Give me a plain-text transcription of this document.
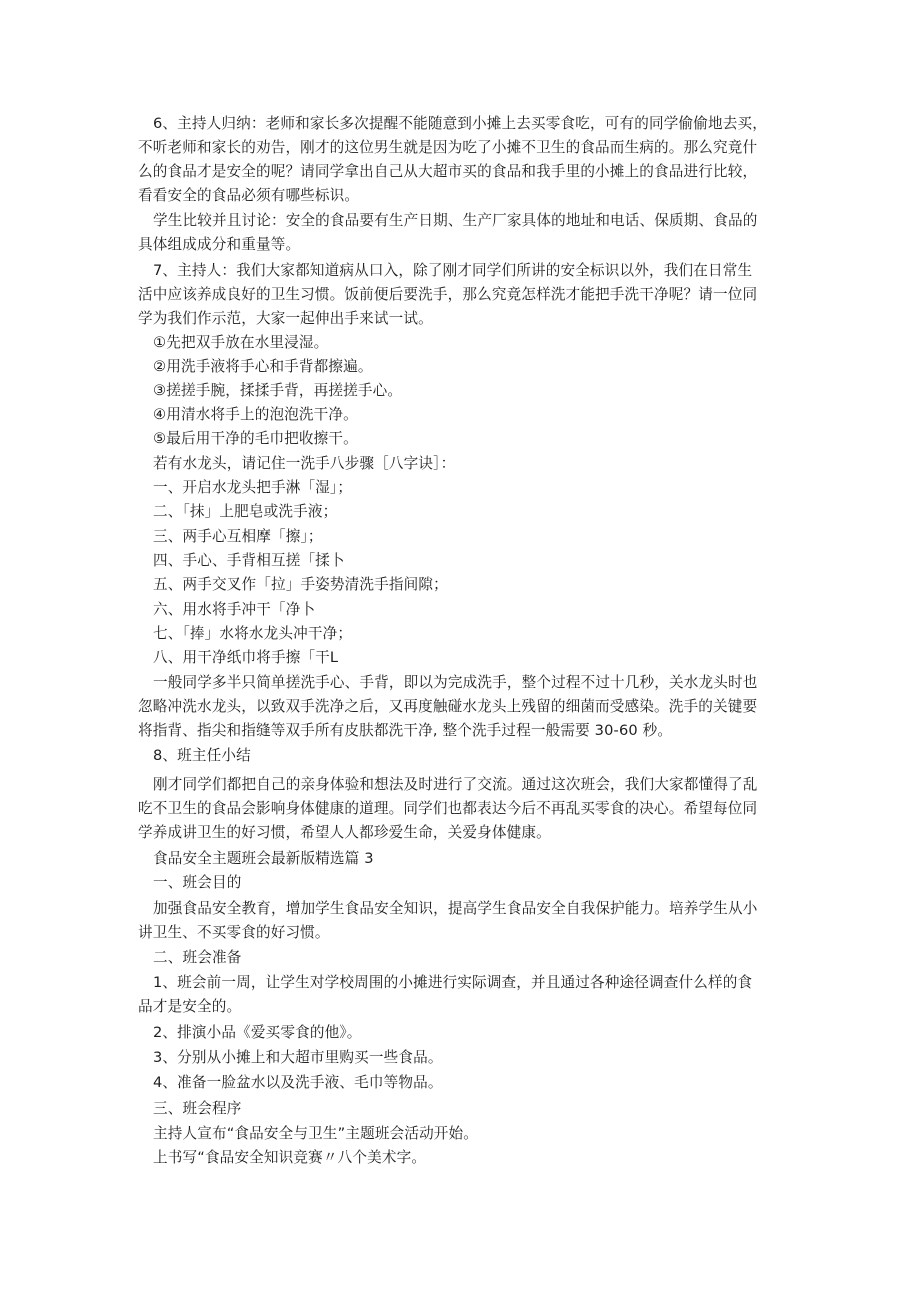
6、主持人归纳：老师和家长多次提醒不能随意到小摊上去买零食吃，可有的同学偷偷地去买，
不听老师和家长的劝告，刚才的这位男生就是因为吃了小摊不卫生的食品而生病的。那么究竟什
么的食品才是安全的呢？请同学拿出自己从大超市买的食品和我手里的小摊上的食品进行比较，
看看安全的食品必须有哪些标识。
学生比较并且讨论：安全的食品要有生产日期、生产厂家具体的地址和电话、保质期、食品的
具体组成成分和重量等。
7、主持人：我们大家都知道病从口入，除了刚才同学们所讲的安全标识以外，我们在日常生
活中应该养成良好的卫生习惯。饭前便后要洗手，那么究竟怎样洗才能把手洗干净呢？请一位同
学为我们作示范，大家一起伸出手来试一试。
①先把双手放在水里浸湿。
②用洗手液将手心和手背都擦遍。
③搓搓手腕，揉揉手背，再搓搓手心。
④用清水将手上的泡泡洗干净。
⑤最后用干净的毛巾把收擦干。
若有水龙头，请记住一洗手八步骤［八字诀］：
一、开启水龙头把手淋「湿」；
二、「抹」上肥皂或洗手液；
三、两手心互相摩「擦」；
四、手心、手背相互搓「揉卜
五、两手交叉作「拉」手姿势清洗手指间隙；
六、用水将手冲干「净卜
七、「捧」水将水龙头冲干净；
八、用干净纸巾将手擦「干L
一般同学多半只简单搓洗手心、手背，即以为完成洗手，整个过程不过十几秒，关水龙头时也
忽略冲洗水龙头，以致双手洗净之后，又再度触碰水龙头上残留的细菌而受感染。洗手的关键要
将指背、指尖和指缝等双手所有皮肤都洗干净, 整个洗手过程一般需要 30-60 秒。
8、班主任小结
刚才同学们都把自己的亲身体验和想法及时进行了交流。通过这次班会，我们大家都懂得了乱
吃不卫生的食品会影响身体健康的道理。同学们也都表达今后不再乱买零食的决心。希望每位同
学养成讲卫生的好习惯，希望人人都珍爱生命，关爱身体健康。
食品安全主题班会最新版精选篇 3
一、班会目的
加强食品安全教育，增加学生食品安全知识，提高学生食品安全自我保护能力。培养学生从小
讲卫生、不买零食的好习惯。
二、班会准备
1、班会前一周，让学生对学校周围的小摊进行实际调查，并且通过各种途径调查什么样的食
品才是安全的。
2、排演小品《爱买零食的他》。
3、分别从小摊上和大超市里购买一些食品。
4、准备一脸盆水以及洗手液、毛巾等物品。
三、班会程序
主持人宣布“食品安全与卫生”主题班会活动开始。
上书写“食品安全知识竞赛〃八个美术字。
